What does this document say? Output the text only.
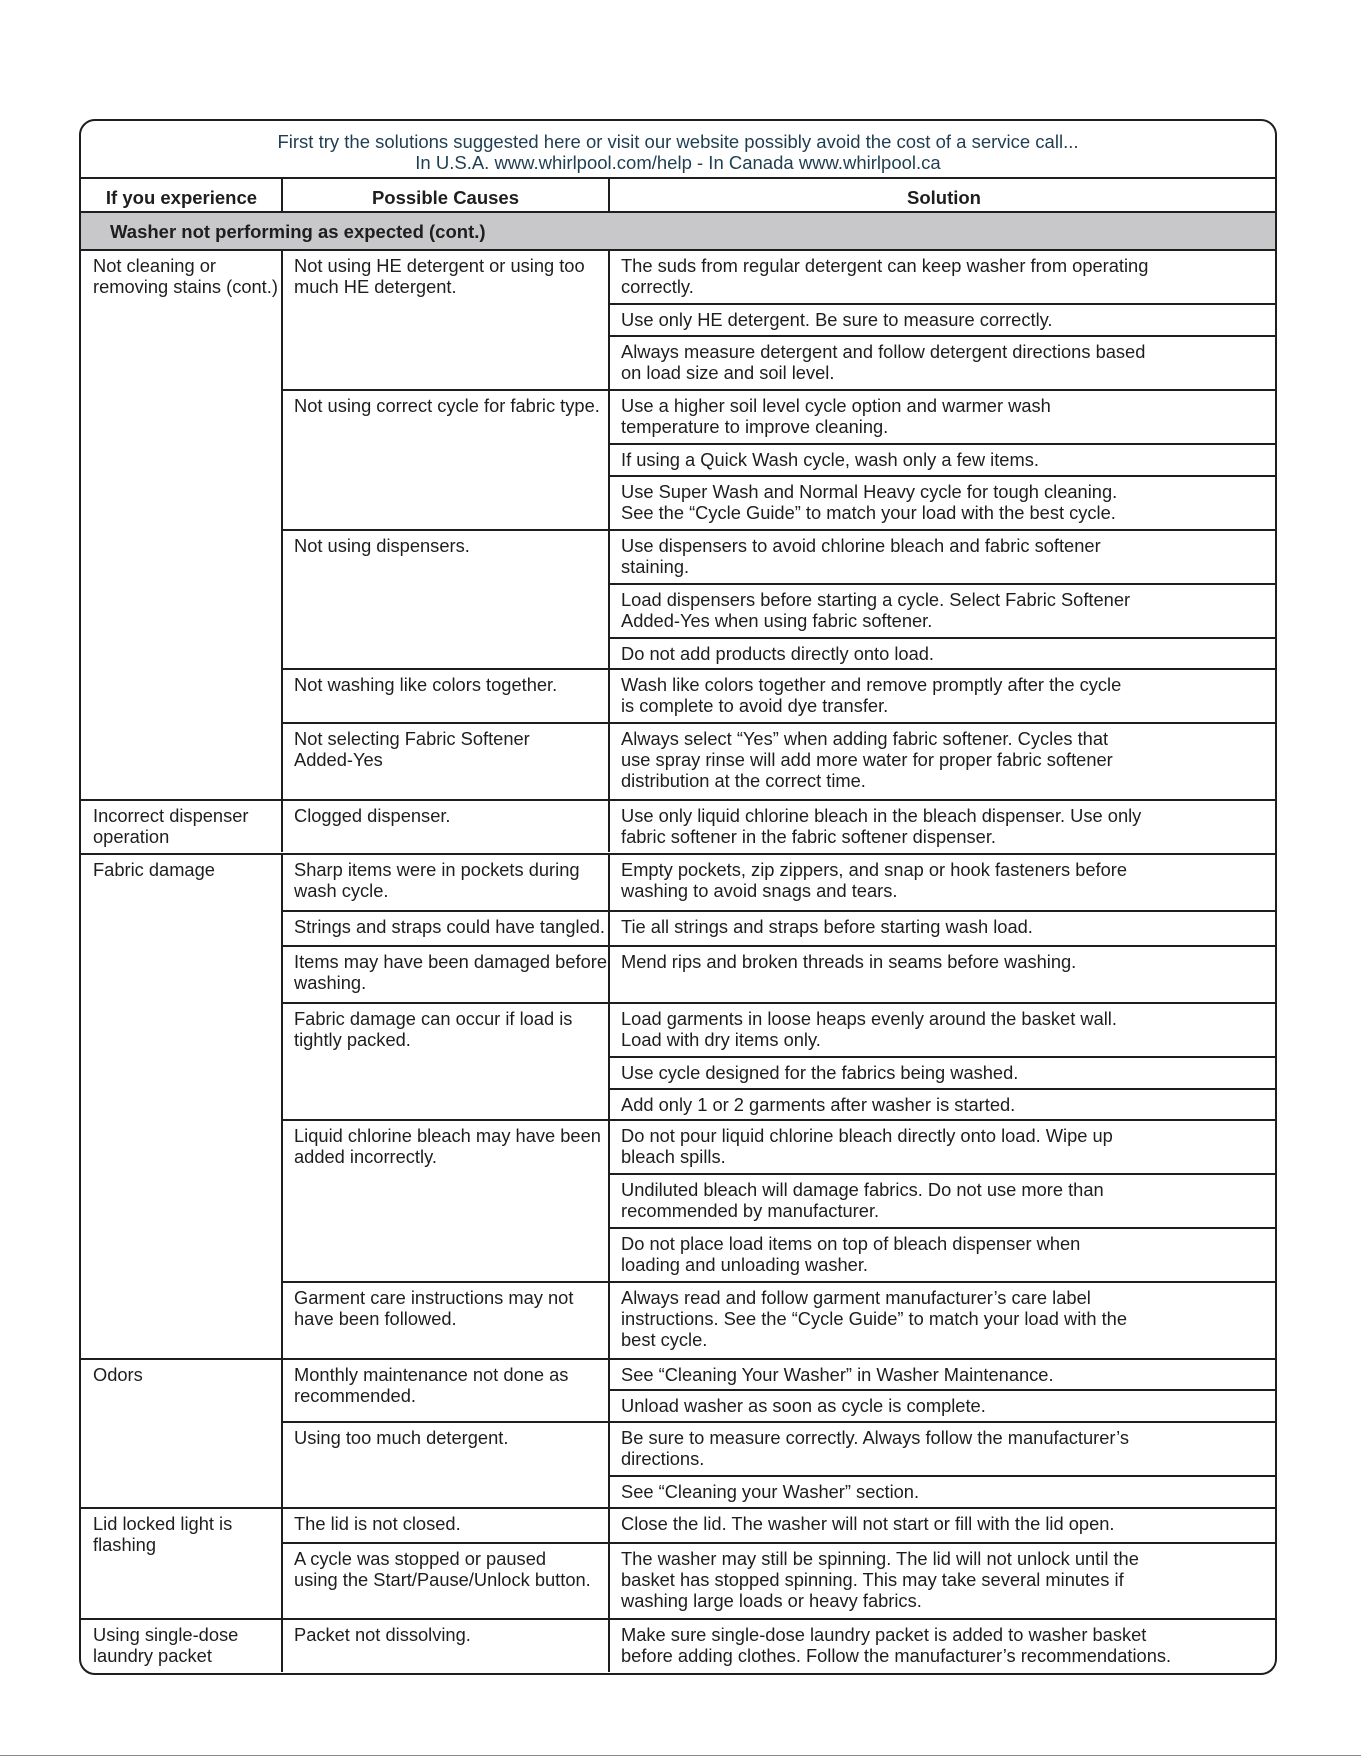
First try the solutions suggested here or visit our website possibly avoid the cost of a service call...
In U.S.A. www.whirlpool.com/help - In Canada www.whirlpool.ca
If you experience	Possible Causes	Solution
Washer not performing as expected (cont.)
The suds from regular detergent can keep washer from operating
correctly.
Use only HE detergent. Be sure to measure correctly.
Always measure detergent and follow detergent directions based
on load size and soil level.
Not using HE detergent or using too
much HE detergent.
Use a higher soil level cycle option and warmer wash
temperature to improve cleaning.
If using a Quick Wash cycle, wash only a few items.
Use Super Wash and Normal Heavy cycle for tough cleaning.
See the “Cycle Guide” to match your load with the best cycle.
Not using correct cycle for fabric type.
Use dispensers to avoid chlorine bleach and fabric softener
staining.
Load dispensers before starting a cycle. Select Fabric Softener
Added-Yes when using fabric softener.
Do not add products directly onto load.
Not using dispensers.
Wash like colors together and remove promptly after the cycle
is complete to avoid dye transfer.
Not washing like colors together.
Always select “Yes” when adding fabric softener. Cycles that
use spray rinse will add more water for proper fabric softener
distribution at the correct time.
Not selecting Fabric Softener
Added-Yes
Not cleaning or
removing stains (cont.)
Use only liquid chlorine bleach in the bleach dispenser. Use only
fabric softener in the fabric softener dispenser.
Clogged dispenser.
Incorrect dispenser
operation
Empty pockets, zip zippers, and snap or hook fasteners before
washing to avoid snags and tears.
Sharp items were in pockets during
wash cycle.
Tie all strings and straps before starting wash load.
Strings and straps could have tangled.
Mend rips and broken threads in seams before washing.
Items may have been damaged before
washing.
Load garments in loose heaps evenly around the basket wall.
Load with dry items only.
Use cycle designed for the fabrics being washed.
Add only 1 or 2 garments after washer is started.
Fabric damage can occur if load is
tightly packed.
Do not pour liquid chlorine bleach directly onto load. Wipe up
bleach spills.
Undiluted bleach will damage fabrics. Do not use more than
recommended by manufacturer.
Do not place load items on top of bleach dispenser when
loading and unloading washer.
Liquid chlorine bleach may have been
added incorrectly.
Always read and follow garment manufacturer’s care label
instructions. See the “Cycle Guide” to match your load with the
best cycle.
Garment care instructions may not
have been followed.
Fabric damage
See “Cleaning Your Washer” in Washer Maintenance.
Unload washer as soon as cycle is complete.
Monthly maintenance not done as
recommended.
Be sure to measure correctly. Always follow the manufacturer’s
directions.
See “Cleaning your Washer” section.
Using too much detergent.
Odors
Close the lid. The washer will not start or fill with the lid open.
The lid is not closed.
The washer may still be spinning. The lid will not unlock until the
basket has stopped spinning. This may take several minutes if
washing large loads or heavy fabrics.
A cycle was stopped or paused
using the Start/Pause/Unlock button.
Lid locked light is
flashing
Make sure single-dose laundry packet is added to washer basket
before adding clothes. Follow the manufacturer’s recommendations.
Packet not dissolving.
Using single-dose
laundry packet
